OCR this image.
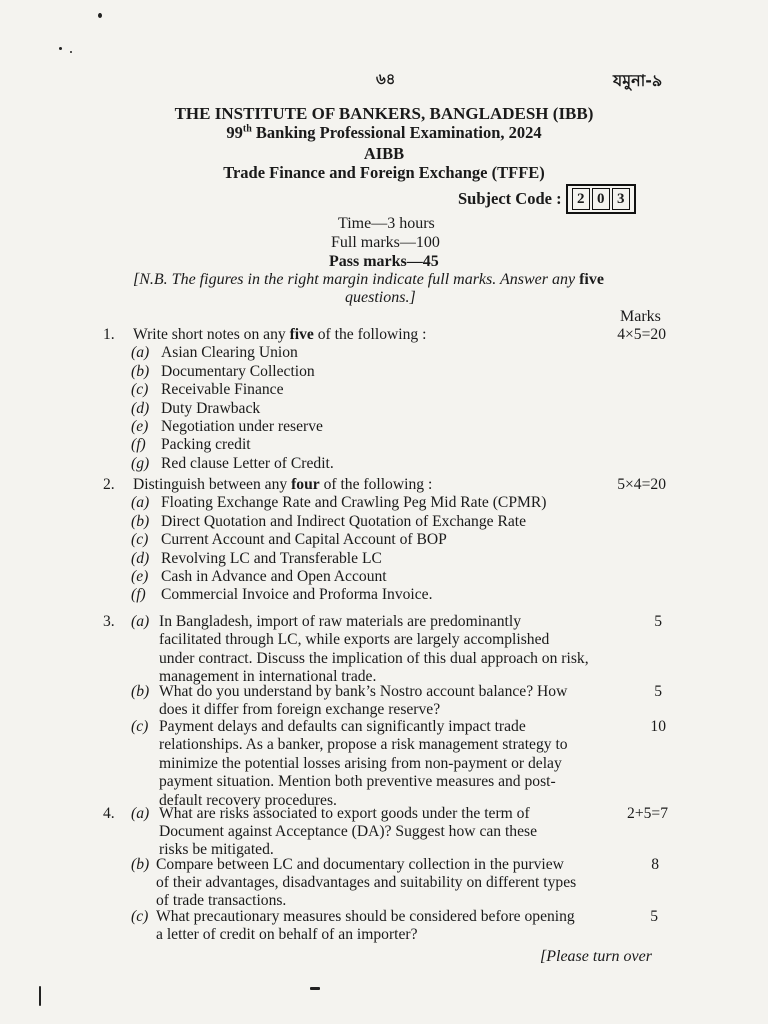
৬৪	যমুনা-৯
THE INSTITUTE OF BANKERS, BANGLADESH (IBB)
99th Banking Professional Examination, 2024
AIBB
Trade Finance and Foreign Exchange (TFFE)
Subject Code : 2 0 3
Time—3 hours
Full marks—100
Pass marks—45
[N.B. The figures in the right margin indicate full marks. Answer any five
questions.]
Marks
1. Write short notes on any five of the following :	4×5=20
(a) Asian Clearing Union
(b) Documentary Collection
(c) Receivable Finance
(d) Duty Drawback
(e) Negotiation under reserve
(f) Packing credit
(g) Red clause Letter of Credit.
2. Distinguish between any four of the following :	5×4=20
(a) Floating Exchange Rate and Crawling Peg Mid Rate (CPMR)
(b) Direct Quotation and Indirect Quotation of Exchange Rate
(c) Current Account and Capital Account of BOP
(d) Revolving LC and Transferable LC
(e) Cash in Advance and Open Account
(f) Commercial Invoice and Proforma Invoice.
3. (a)	5
In Bangladesh, import of raw materials are predominantly
facilitated through LC, while exports are largely accomplished
under contract. Discuss the implication of this dual approach on risk,
management in international trade.
(b)	5
What do you understand by bank’s Nostro account balance? How
does it differ from foreign exchange reserve?
(c)	10
Payment delays and defaults can significantly impact trade
relationships. As a banker, propose a risk management strategy to
minimize the potential losses arising from non-payment or delay
payment situation. Mention both preventive measures and post-
default recovery procedures.
4. (a)	2+5=7
What are risks associated to export goods under the term of
Document against Acceptance (DA)? Suggest how can these
risks be mitigated.
(b)	8
Compare between LC and documentary collection in the purview
of their advantages, disadvantages and suitability on different types
of trade transactions.
(c)	5
What precautionary measures should be considered before opening
a letter of credit on behalf of an importer?
[Please turn over
